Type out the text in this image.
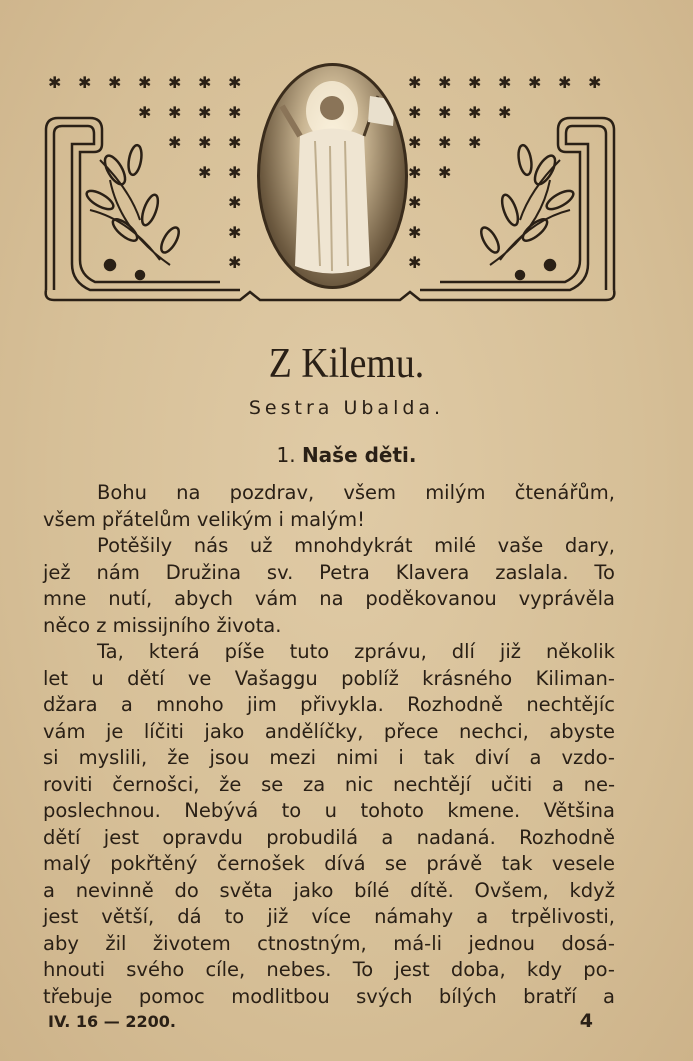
✱ ✱ ✱ ✱ ✱ ✱ ✱
✱ ✱ ✱ ✱
✱ ✱ ✱
✱ ✱
✱
✱
✱
✱ ✱ ✱ ✱ ✱ ✱ ✱
✱ ✱ ✱ ✱
✱ ✱ ✱
✱ ✱
✱
✱
✱
Z Kilemu.
Sestra Ubalda.
1. Naše děti.
Bohu na pozdrav, všem milým čtenářům,
všem přátelům velikým i malým!
Potěšily nás už mnohdykrát milé vaše dary,
jež nám Družina sv. Petra Klavera zaslala. To
mne nutí, abych vám na poděkovanou vyprávěla
něco z missijního života.
Ta, která píše tuto zprávu, dlí již několik
let u dětí ve Vašaggu poblíž krásného Kiliman-
džara a mnoho jim přivykla. Rozhodně nechtějíc
vám je líčiti jako andělíčky, přece nechci, abyste
si myslili, že jsou mezi nimi i tak diví a vzdo-
roviti černošci, že se za nic nechtějí učiti a ne-
poslechnou. Nebývá to u tohoto kmene. Většina
dětí jest opravdu probudilá a nadaná. Rozhodně
malý pokřtěný černošek dívá se právě tak vesele
a nevinně do světa jako bílé dítě. Ovšem, když
jest větší, dá to již více námahy a trpělivosti,
aby žil životem ctnostným, má-li jednou dosá-
hnouti svého cíle, nebes. To jest doba, kdy po-
třebuje pomoc modlitbou svých bílých bratří a
IV. 16 — 2200.	4
